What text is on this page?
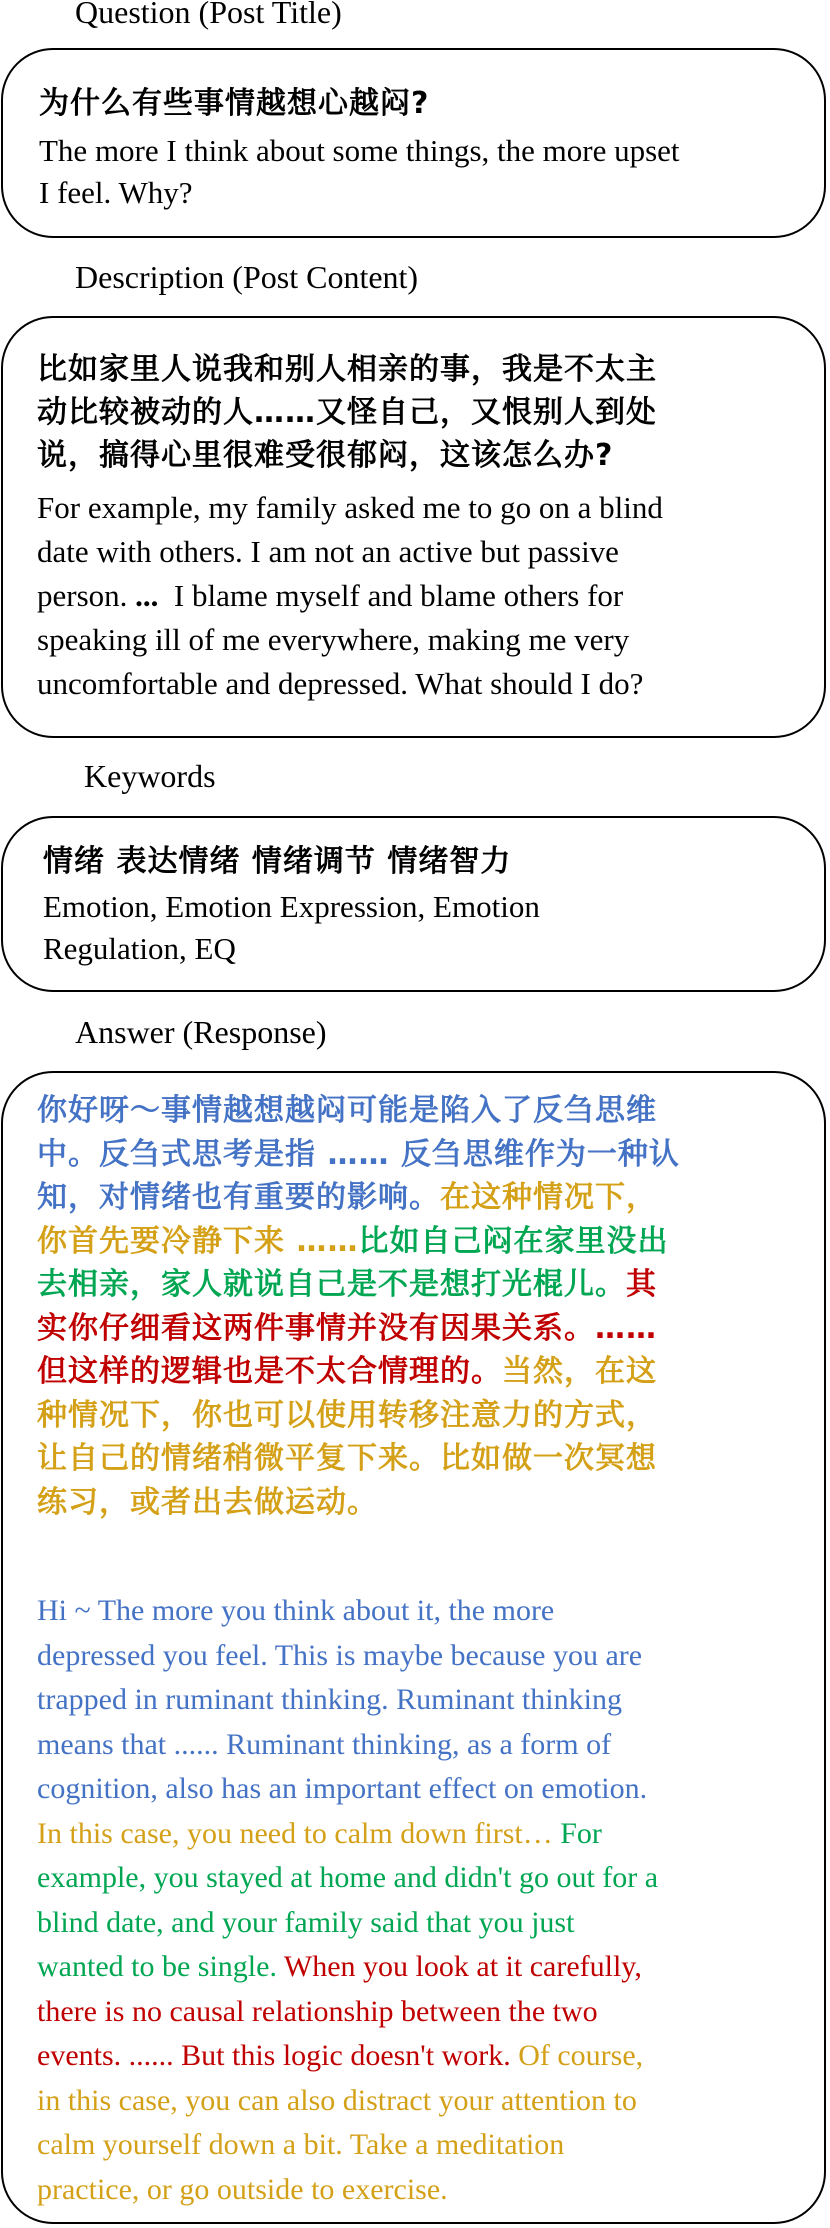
Question (Post Title)
为什么有些事情越想心越闷?
The more I think about some things, the more upset
I feel. Why?
Description (Post Content)
比如家里人说我和别人相亲的事，我是不太主
动比较被动的人……又怪自己，又恨别人到处
说，搞得心里很难受很郁闷，这该怎么办?
For example, my family asked me to go on a blind
date with others. I am not an active but passive
person. ... I blame myself and blame others for
speaking ill of me everywhere, making me very
uncomfortable and depressed. What should I do?
Keywords
情绪 表达情绪 情绪调节 情绪智力
Emotion, Emotion Expression, Emotion
Regulation, EQ
Answer (Response)
你好呀～事情越想越闷可能是陷入了反刍思维
中。反刍式思考是指 …… 反刍思维作为一种认
知，对情绪也有重要的影响。在这种情况下，
你首先要冷静下来 ……比如自己闷在家里没出
去相亲，家人就说自己是不是想打光棍儿。其
实你仔细看这两件事情并没有因果关系。……
但这样的逻辑也是不太合情理的。当然，在这
种情况下，你也可以使用转移注意力的方式，
让自己的情绪稍微平复下来。比如做一次冥想
练习，或者出去做运动。
Hi ~ The more you think about it, the more
depressed you feel. This is maybe because you are
trapped in ruminant thinking. Ruminant thinking
means that ...... Ruminant thinking, as a form of
cognition, also has an important effect on emotion.
In this case, you need to calm down first… For
example, you stayed at home and didn't go out for a
blind date, and your family said that you just
wanted to be single. When you look at it carefully,
there is no causal relationship between the two
events. ...... But this logic doesn't work. Of course,
in this case, you can also distract your attention to
calm yourself down a bit. Take a meditation
practice, or go outside to exercise.
